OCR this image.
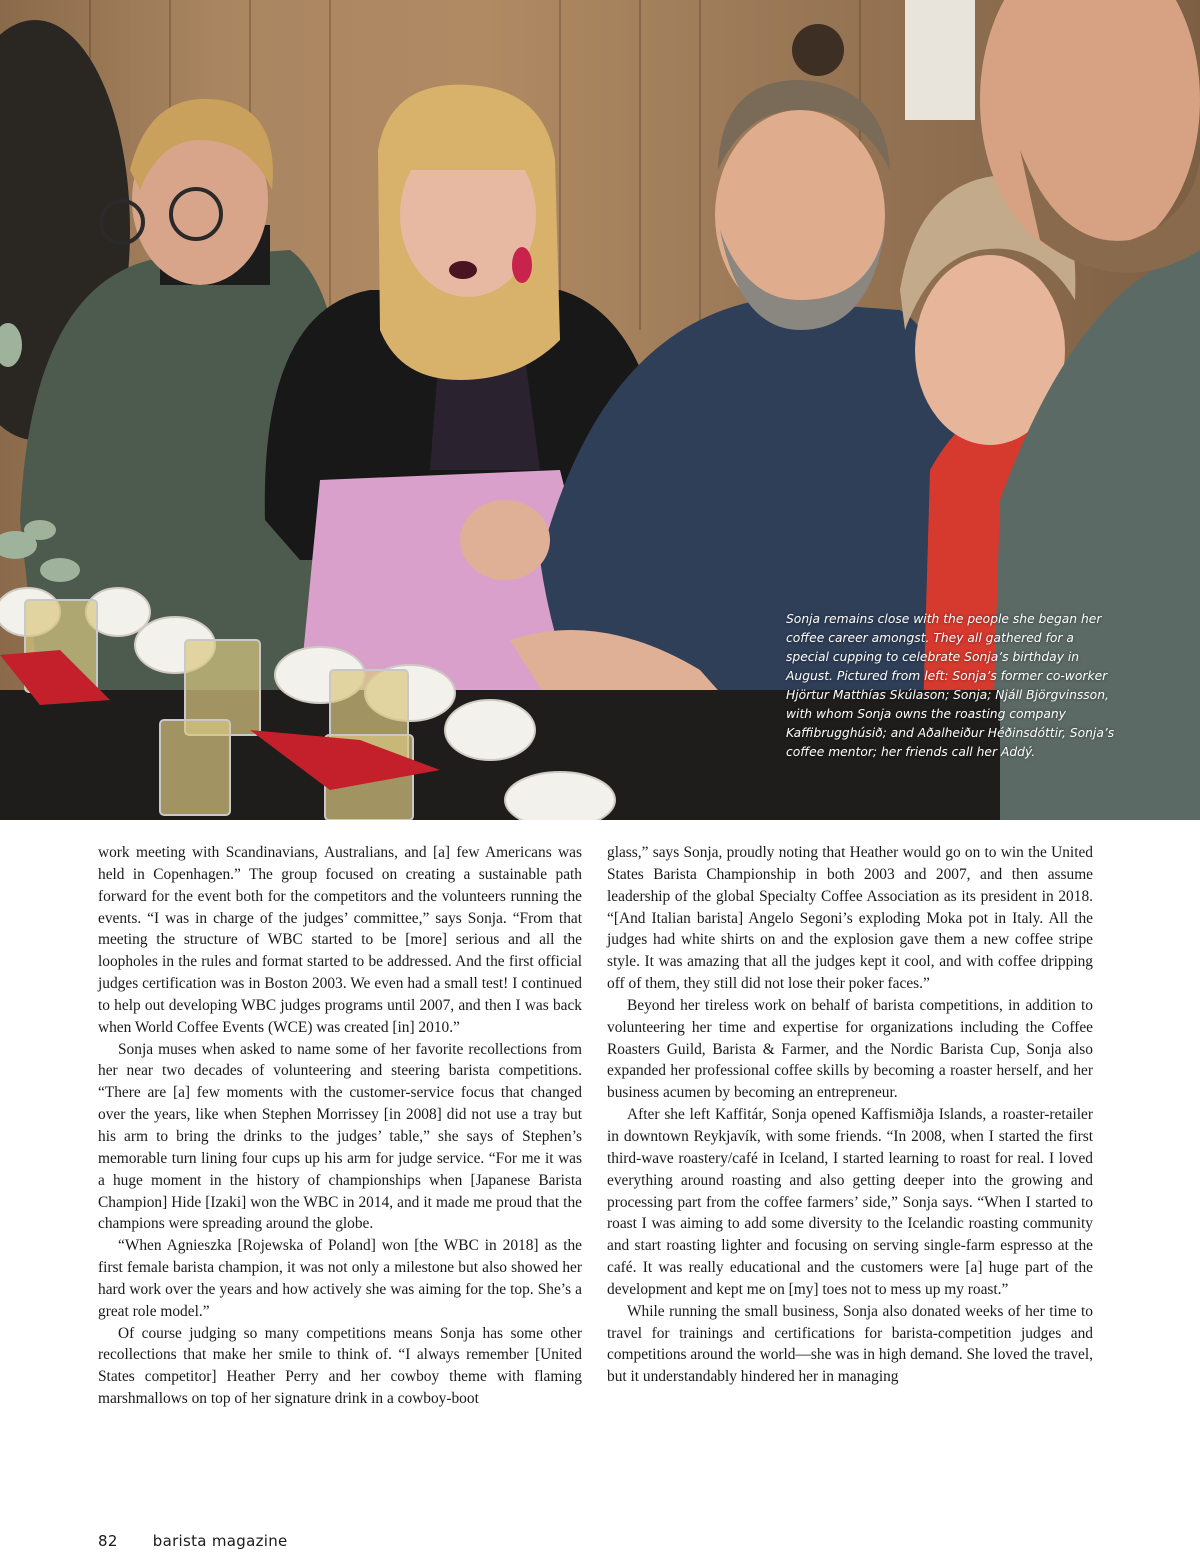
Sonja remains close with the people she began her coffee career amongst. They all gathered for a special cupping to celebrate Sonja’s birthday in August. Pictured from left: Sonja’s former co-worker Hjörtur Matthías Skúlason; Sonja; Njáll Björgvinsson, with whom Sonja owns the roasting company Kaffibrugghúsið; and Aðalheiður Héðinsdóttir, Sonja’s coffee mentor; her friends call her Addý.

work meeting with Scandinavians, Australians, and [a] few Americans was held in Copenhagen.” The group focused on creating a sustainable path forward for the event both for the competitors and the volunteers running the events. “I was in charge of the judges’ committee,” says Sonja. “From that meeting the structure of WBC started to be [more] serious and all the loopholes in the rules and format started to be addressed. And the first official judges certification was in Boston 2003. We even had a small test! I continued to help out developing WBC judges programs until 2007, and then I was back when World Coffee Events (WCE) was created [in] 2010.”

Sonja muses when asked to name some of her favorite recollections from her near two decades of volunteering and steering barista competitions. “There are [a] few moments with the customer-service focus that changed over the years, like when Stephen Morrissey [in 2008] did not use a tray but his arm to bring the drinks to the judges’ table,” she says of Stephen’s memorable turn lining four cups up his arm for judge service. “For me it was a huge moment in the history of championships when [Japanese Barista Champion] Hide [Izaki] won the WBC in 2014, and it made me proud that the champions were spreading around the globe.

“When Agnieszka [Rojewska of Poland] won [the WBC in 2018] as the first female barista champion, it was not only a milestone but also showed her hard work over the years and how actively she was aiming for the top. She’s a great role model.”

Of course judging so many competitions means Sonja has some other recollections that make her smile to think of. “I always remember [United States competitor] Heather Perry and her cowboy theme with flaming marshmallows on top of her signature drink in a cowboy-boot

glass,” says Sonja, proudly noting that Heather would go on to win the United States Barista Championship in both 2003 and 2007, and then assume leadership of the global Specialty Coffee Association as its president in 2018. “[And Italian barista] Angelo Segoni’s exploding Moka pot in Italy. All the judges had white shirts on and the explosion gave them a new coffee stripe style. It was amazing that all the judges kept it cool, and with coffee dripping off of them, they still did not lose their poker faces.”

Beyond her tireless work on behalf of barista competitions, in addition to volunteering her time and expertise for organizations including the Coffee Roasters Guild, Barista & Farmer, and the Nordic Barista Cup, Sonja also expanded her professional coffee skills by becoming a roaster herself, and her business acumen by becoming an entrepreneur.

After she left Kaffitár, Sonja opened Kaffismiðja Islands, a roaster-retailer in downtown Reykjavík, with some friends. “In 2008, when I started the first third-wave roastery/café in Iceland, I started learning to roast for real. I loved everything around roasting and also getting deeper into the growing and processing part from the coffee farmers’ side,” Sonja says. “When I started to roast I was aiming to add some diversity to the Icelandic roasting community and start roasting lighter and focusing on serving single-farm espresso at the café. It was really educational and the customers were [a] huge part of the development and kept me on [my] toes not to mess up my roast.”

While running the small business, Sonja also donated weeks of her time to travel for trainings and certifications for barista-competition judges and competitions around the world—she was in high demand. She loved the travel, but it understandably hindered her in managing

82 barista magazine
